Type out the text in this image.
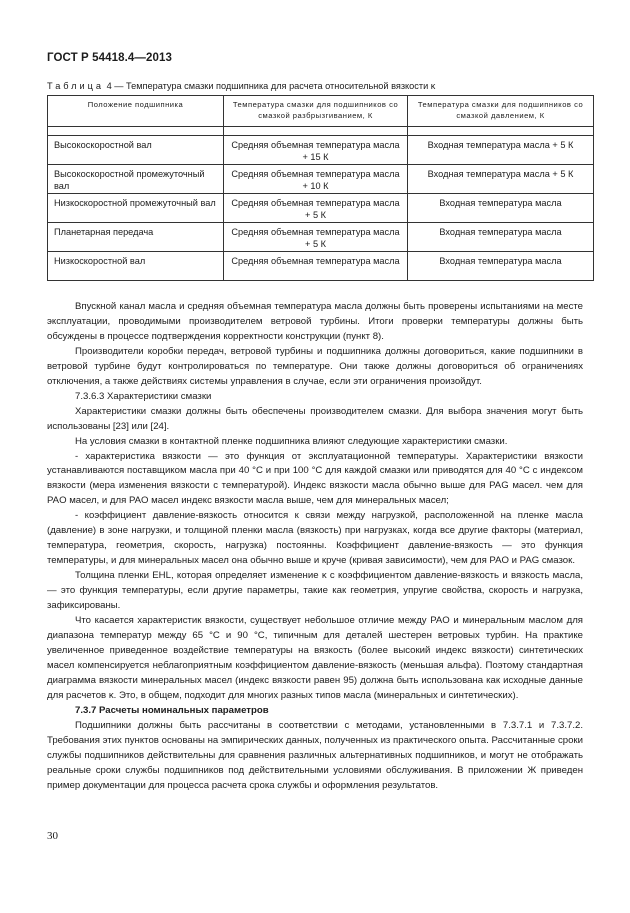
ГОСТ Р 54418.4—2013
Таблица 4 — Температура смазки подшипника для расчета относительной вязкости κ
Положение подшипника	Температура смазки для подшипников со смазкой разбрызгиванием, К	Температура смазки для подшипников со смазкой давлением, К

Высокоскоростной вал	Средняя объемная температура масла + 15 К	Входная температура масла + 5 К
Высокоскоростной промежуточный вал	Средняя объемная температура масла + 10 К	Входная температура масла + 5 К
Низкоскоростной промежуточный вал	Средняя объемная температура масла + 5 К	Входная температура масла
Планетарная передача	Средняя объемная температура масла + 5 К	Входная температура масла
Низкоскоростной вал	Средняя объемная температура масла	Входная температура масла

Впускной канал масла и средняя объемная температура масла должны быть проверены испытаниями на месте эксплуатации, проводимыми производителем ветровой турбины. Итоги проверки температуры должны быть обсуждены в процессе подтверждения корректности конструкции (пункт 8).

Производители коробки передач, ветровой турбины и подшипника должны договориться, какие подшипники в ветровой турбине будут контролироваться по температуре. Они также должны договориться об ограничениях отключения, а также действиях системы управления в случае, если эти ограничения произойдут.

7.3.6.3 Характеристики смазки

Характеристики смазки должны быть обеспечены производителем смазки. Для выбора значения могут быть использованы [23] или [24].

На условия смазки в контактной пленке подшипника влияют следующие характеристики смазки.

- характеристика вязкости — это функция от эксплуатационной температуры. Характеристики вязкости устанавливаются поставщиком масла при 40 °С и при 100 °С для каждой смазки или приводятся для 40 °С с индексом вязкости (мера изменения вязкости с температурой). Индекс вязкости масла обычно выше для PAG масел. чем для PAO масел, и для PAO масел индекс вязкости масла выше, чем для минеральных масел;

- коэффициент давление-вязкость относится к связи между нагрузкой, расположенной на пленке масла (давление) в зоне нагрузки, и толщиной пленки масла (вязкость) при нагрузках, когда все другие факторы (материал, температура, геометрия, скорость, нагрузка) постоянны. Коэффициент давление-вязкость — это функция температуры, и для минеральных масел она обычно выше и круче (кривая зависимости), чем для PAO и PAG смазок.

Толщина пленки EHL, которая определяет изменение κ с коэффициентом давление-вязкость и вязкость масла, — это функция температуры, если другие параметры, такие как геометрия, упругие свойства, скорость и нагрузка, зафиксированы.

Что касается характеристик вязкости, существует небольшое отличие между PAO и минеральным маслом для диапазона температур между 65 °С и 90 °С, типичным для деталей шестерен ветровых турбин. На практике увеличенное приведенное воздействие температуры на вязкость (более высокий индекс вязкости) синтетических масел компенсируется неблагоприятным коэффициентом давление-вязкость (меньшая альфа). Поэтому стандартная диаграмма вязкости минеральных масел (индекс вязкости равен 95) должна быть использована как исходные данные для расчетов κ. Это, в общем, подходит для многих разных типов масла (минеральных и синтетических).

7.3.7 Расчеты номинальных параметров

Подшипники должны быть рассчитаны в соответствии с методами, установленными в 7.3.7.1 и 7.3.7.2. Требования этих пунктов основаны на эмпирических данных, полученных из практического опыта. Рассчитанные сроки службы подшипников действительны для сравнения различных альтернативных подшипников, и могут не отображать реальные сроки службы подшипников под действительными условиями обслуживания. В приложении Ж приведен пример документации для процесса расчета срока службы и оформления результатов.

30
